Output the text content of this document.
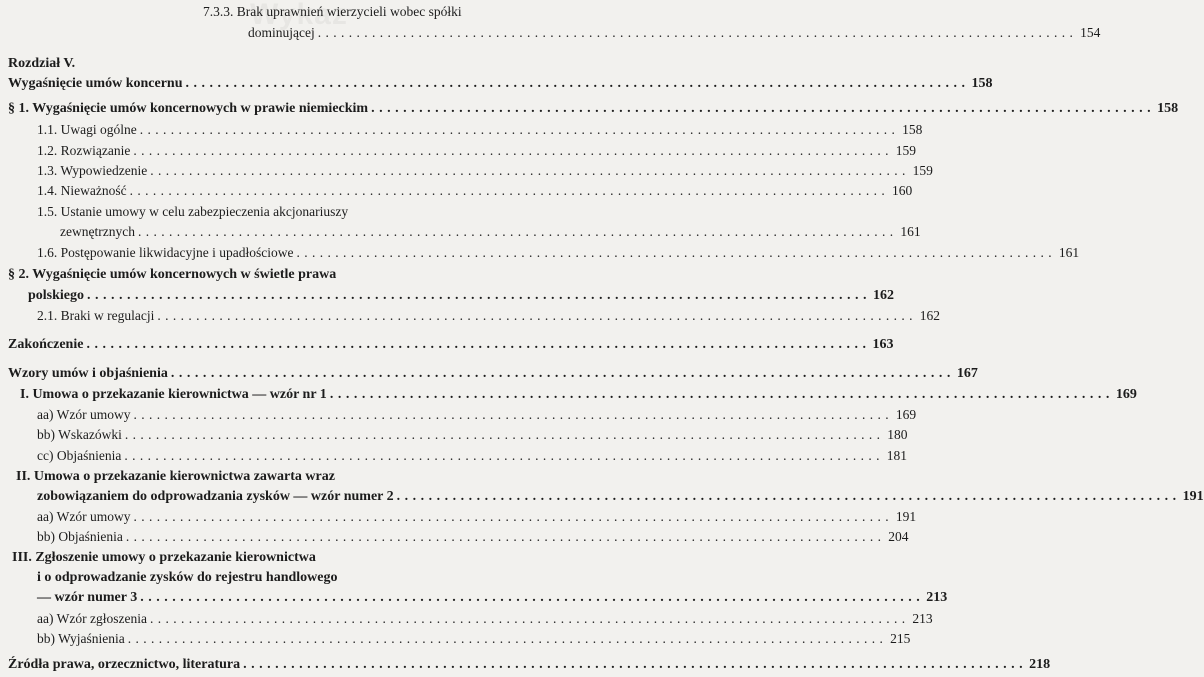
7.3.3. Brak uprawnień wierzycieli wobec spółki
dominującej . . .	154
Rozdział V.
Wygaśnięcie umów koncernu . . .	158
§ 1. Wygaśnięcie umów koncernowych w prawie niemieckim . . .	158
1.1. Uwagi ogólne . . .	158
1.2. Rozwiązanie . . .	159
1.3. Wypowiedzenie . . .	159
1.4. Nieważność . . .	160
1.5. Ustanie umowy w celu zabezpieczenia akcjonariuszy
zewnętrznych . . .	161
1.6. Postępowanie likwidacyjne i upadłościowe . . .	161
§ 2. Wygaśnięcie umów koncernowych w świetle prawa
polskiego . . .	162
2.1. Braki w regulacji . . .	162
Zakończenie . . .	163
Wzory umów i objaśnienia . . .	167
I. Umowa o przekazanie kierownictwa — wzór nr 1 . . .	169
aa) Wzór umowy . . .	169
bb) Wskazówki . . .	180
cc) Objaśnienia . . .	181
II. Umowa o przekazanie kierownictwa zawarta wraz
zobowiązaniem do odprowadzania zysków — wzór numer 2 . . .	191
aa) Wzór umowy . . .	191
bb) Objaśnienia . . .	204
III. Zgłoszenie umowy o przekazanie kierownictwa
i o odprowadzanie zysków do rejestru handlowego
— wzór numer 3 . . .	213
aa) Wzór zgłoszenia . . .	213
bb) Wyjaśnienia . . .	215
Źródła prawa, orzecznictwo, literatura . . .	218
